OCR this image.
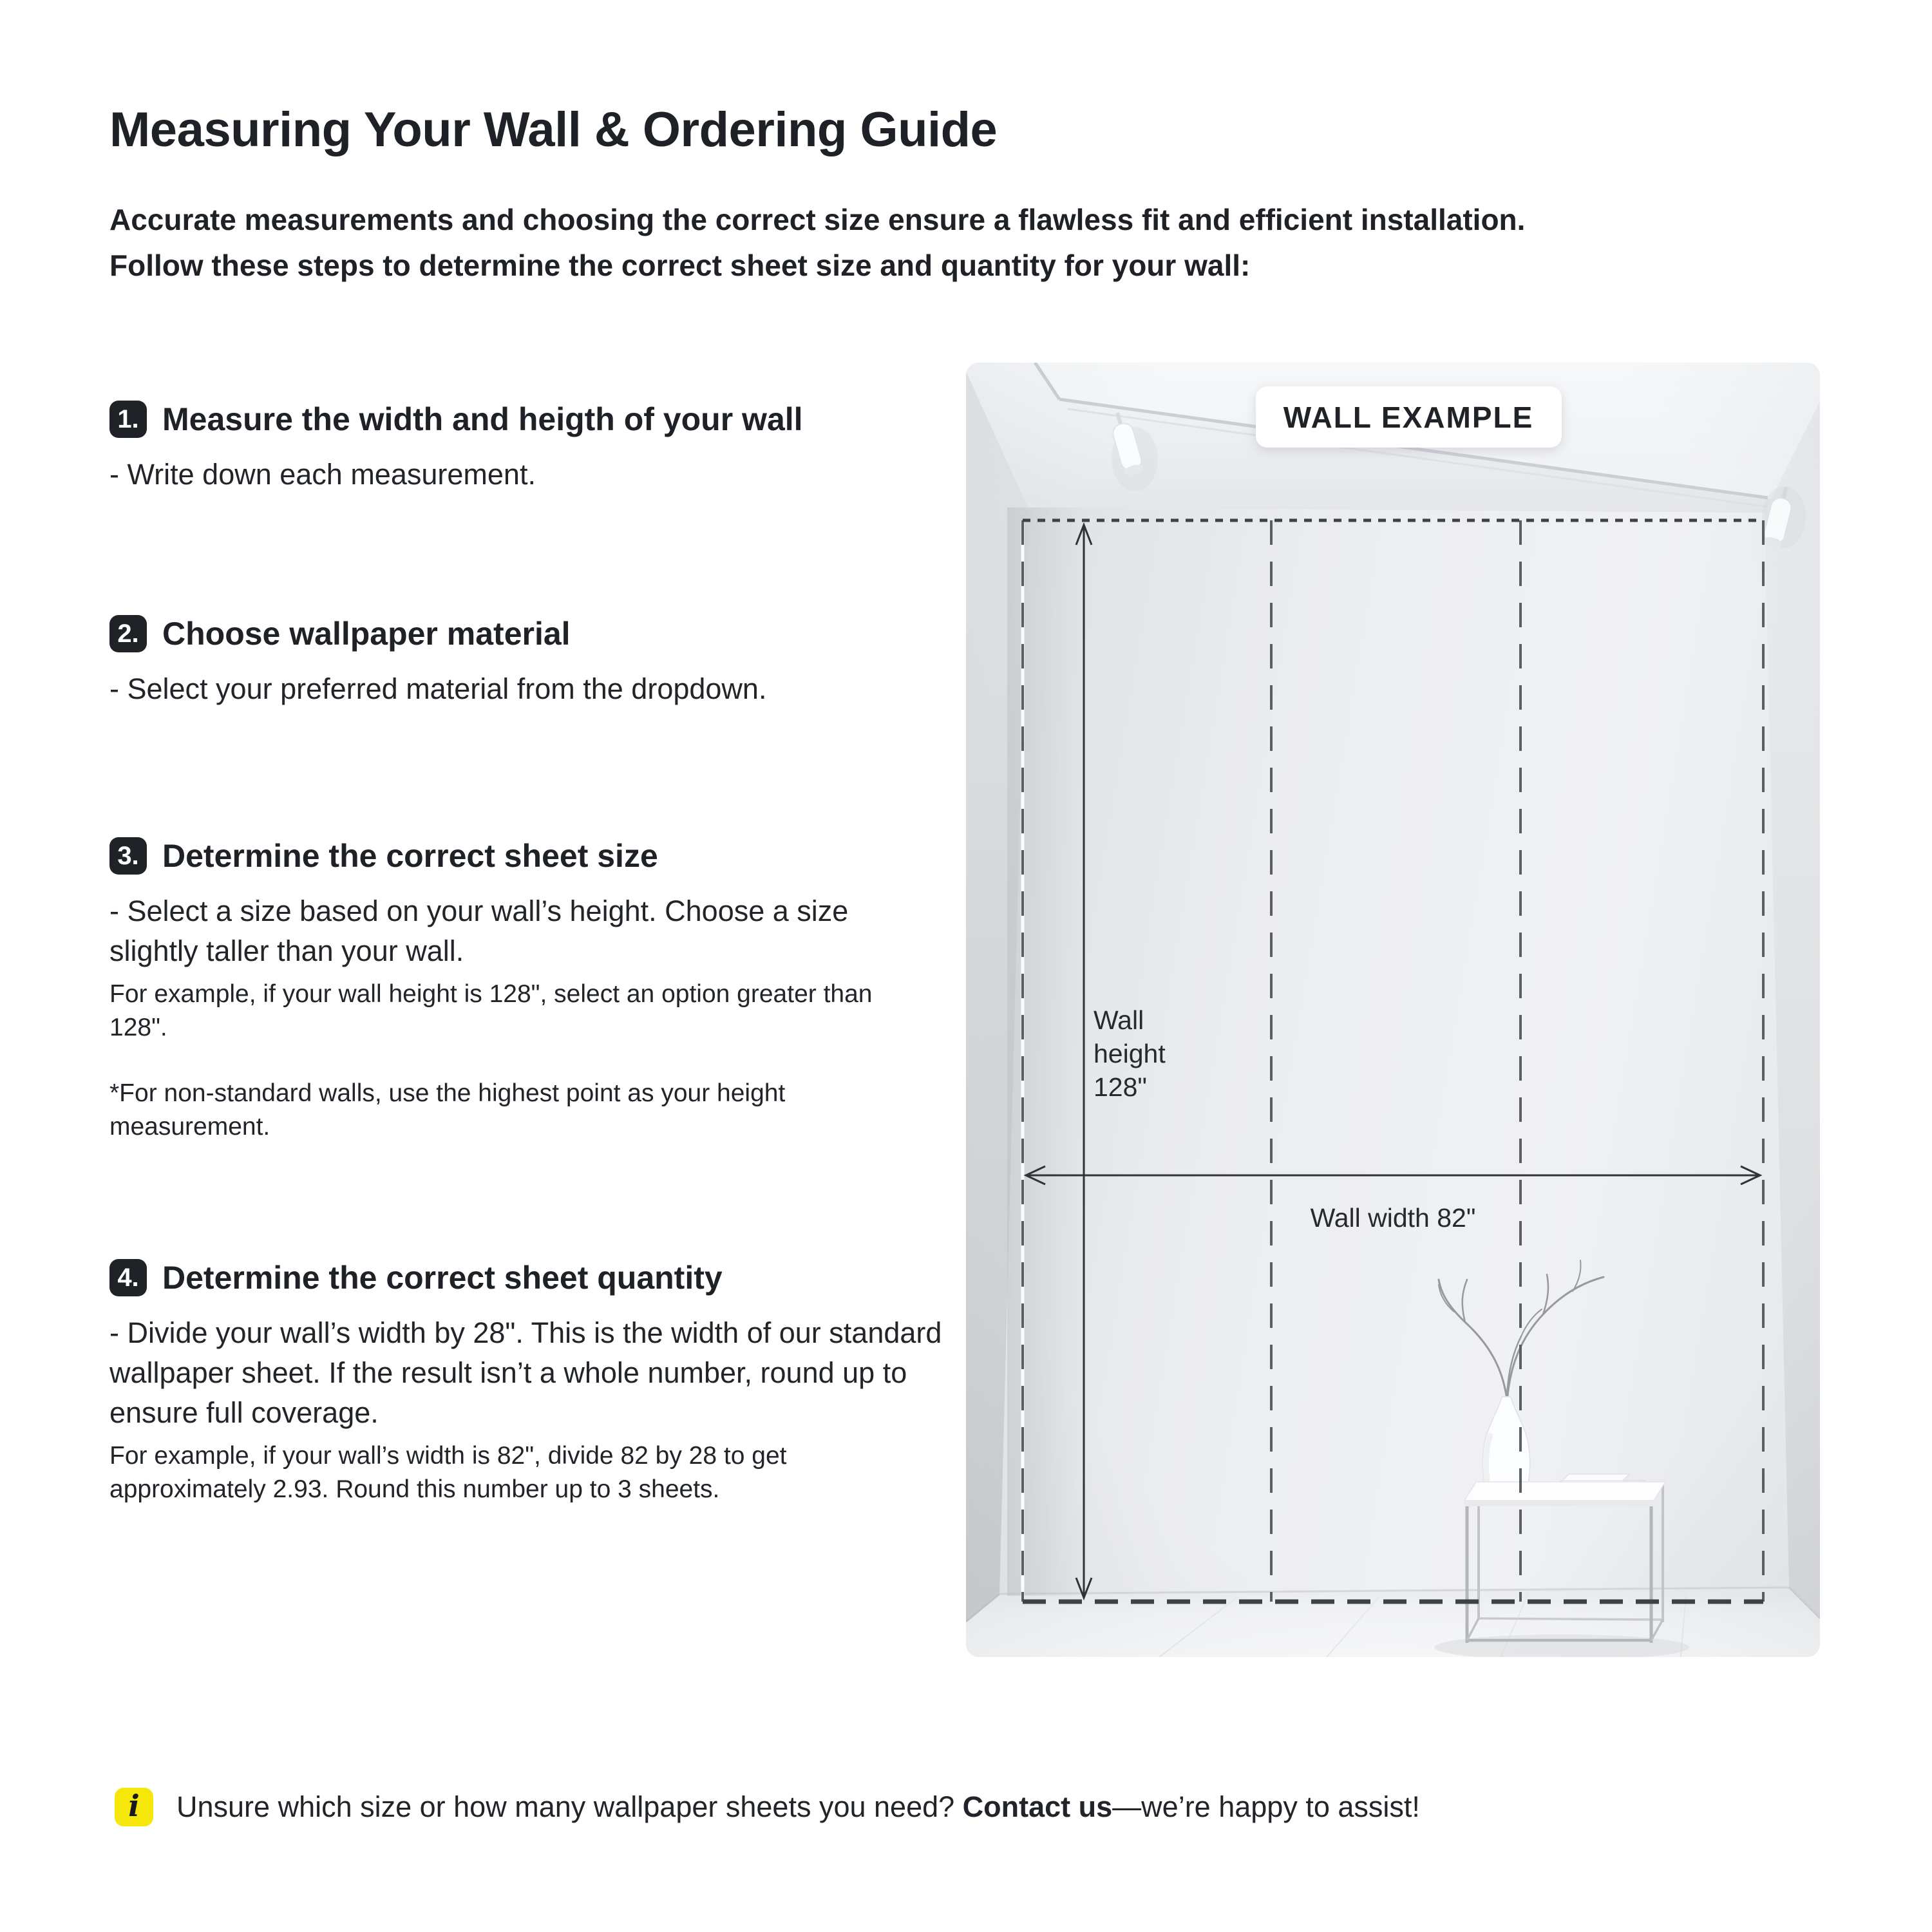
Measuring Your Wall & Ordering Guide
Accurate measurements and choosing the correct size ensure a flawless fit and efficient installation.
Follow these steps to determine the correct sheet size and quantity for your wall:
1. Measure the width and heigth of your wall

- Write down each measurement.

2. Choose wallpaper material

- Select your preferred material from the dropdown.

3. Determine the correct sheet size

- Select a size based on your wall’s height. Choose a size slightly taller than your wall.

For example, if your wall height is 128", select an option greater than 128".

*For non-standard walls, use the highest point as your height measurement.

4. Determine the correct sheet quantity

- Divide your wall’s width by 28". This is the width of our standard wallpaper sheet. If the result isn’t a whole number, round up to ensure full coverage.

For example, if your wall’s width is 82", divide 82 by 28 to get approximately 2.93. Round this number up to 3 sheets.

Wall
height
128"
Wall width 82"
WALL EXAMPLE
i	Unsure which size or how many wallpaper sheets you need? Contact us—we’re happy to assist!
